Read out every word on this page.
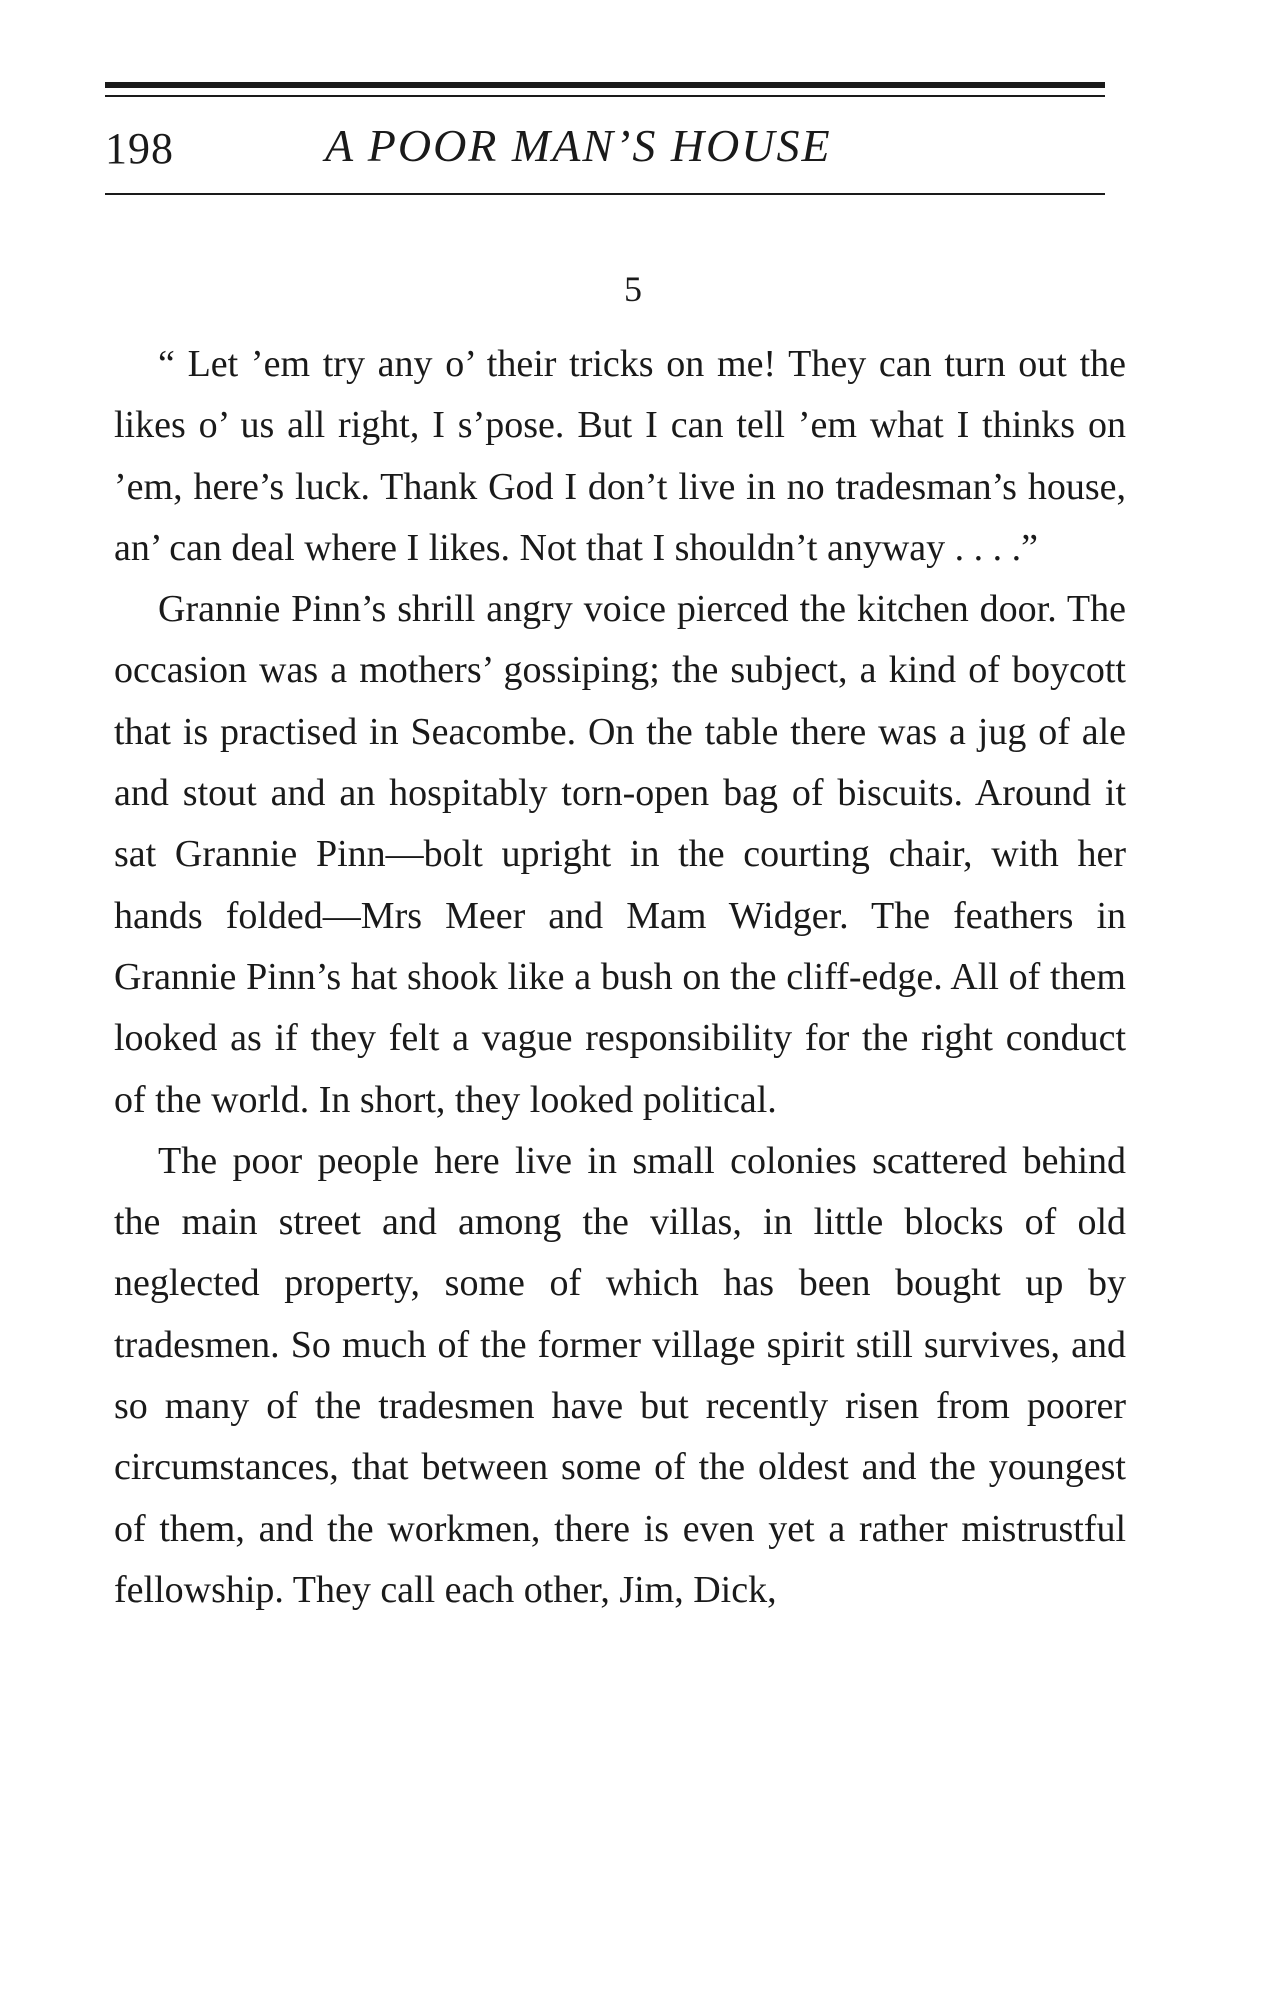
198	A POOR MAN’S HOUSE
5

“ Let ’em try any o’ their tricks on me! They can turn out the likes o’ us all right, I s’pose. But I can tell ’em what I thinks on ’em, here’s luck. Thank God I don’t live in no tradesman’s house, an’ can deal where I likes. Not that I shouldn’t anyway . . . .”

Grannie Pinn’s shrill angry voice pierced the kitchen door. The occasion was a mothers’ gossiping; the subject, a kind of boycott that is practised in Seacombe. On the table there was a jug of ale and stout and an hospitably torn-open bag of biscuits. Around it sat Grannie Pinn—bolt upright in the courting chair, with her hands folded—Mrs Meer and Mam Widger. The feathers in Grannie Pinn’s hat shook like a bush on the cliff-edge. All of them looked as if they felt a vague responsibility for the right conduct of the world. In short, they looked political.

The poor people here live in small colonies scattered behind the main street and among the villas, in little blocks of old neglected property, some of which has been bought up by tradesmen. So much of the former village spirit still survives, and so many of the tradesmen have but recently risen from poorer circumstances, that between some of the oldest and the youngest of them, and the workmen, there is even yet a rather mistrustful fellowship. They call each other, Jim, Dick,
